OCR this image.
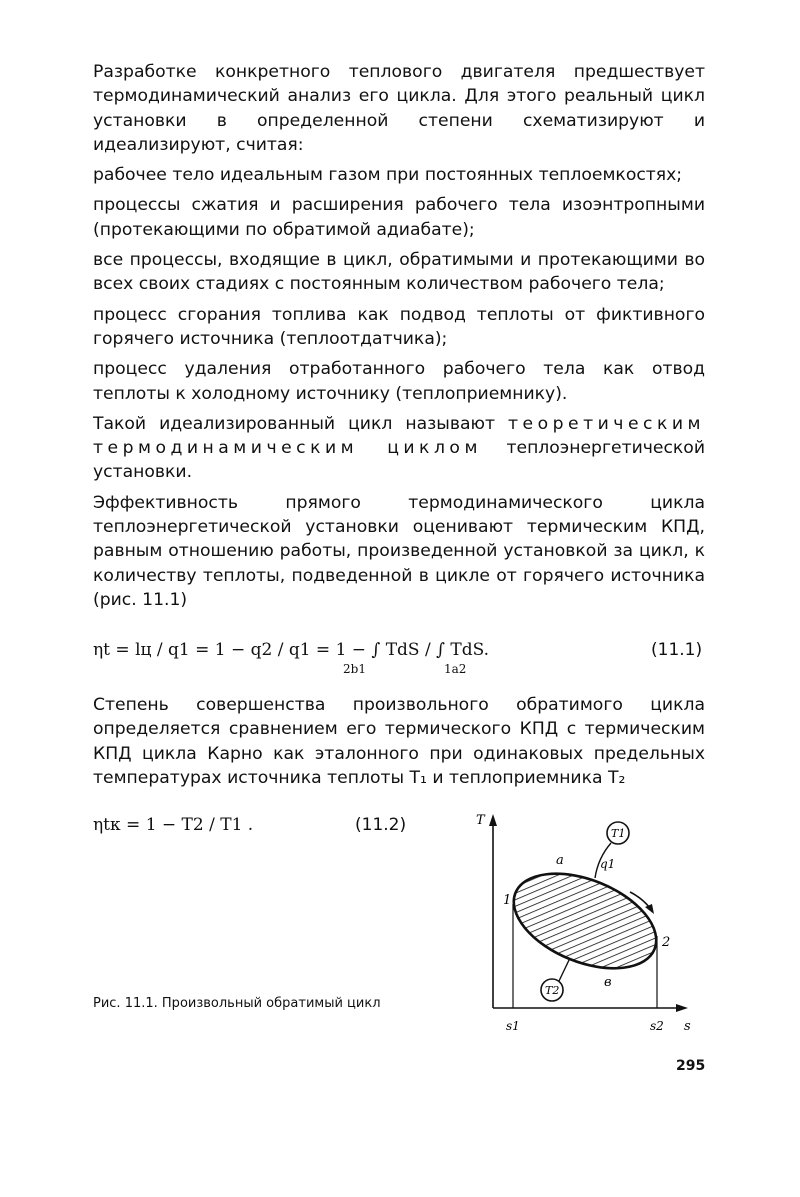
Разработке конкретного теплового двигателя предшествует термодинамический анализ его цикла. Для этого реальный цикл установки в определенной степени схематизируют и идеализируют, считая:

рабочее тело идеальным газом при постоянных теплоемкостях;

процессы сжатия и расширения рабочего тела изоэнтропными (протекающими по обратимой адиабате);

все процессы, входящие в цикл, обратимыми и протекающими во всех своих стадиях с постоянным количеством рабочего тела;

процесс сгорания топлива как подвод теплоты от фиктивного горячего источника (теплоотдатчика);

процесс удаления отработанного рабочего тела как отвод теплоты к холодному источнику (теплоприемнику).

Такой идеализированный цикл называют теоретическим термодинамическим циклом теплоэнергетической установки.

Эффективность прямого термодинамического цикла теплоэнергетической установки оценивают термическим КПД, равным отношению работы, произведенной установкой за цикл, к количеству теплоты, подведенной в цикле от горячего источника (рис. 11.1)

ηt = lц / q1 = 1 − q2 / q1 = 1 − ∫ TdS / ∫ TdS.
2b1	1a2
(11.1)

Степень совершенства произвольного обратимого цикла определяется сравнением его термического КПД с термическим КПД цикла Карно как эталонного при одинаковых предельных температурах источника теплоты T₁ и теплоприемника T₂

ηtк = 1 − T2 / T1 .	(11.2)	T
s
s1	s2
1
2
a
в
T1
q1
T2
Рис. 11.1. Произвольный обратимый цикл
295
